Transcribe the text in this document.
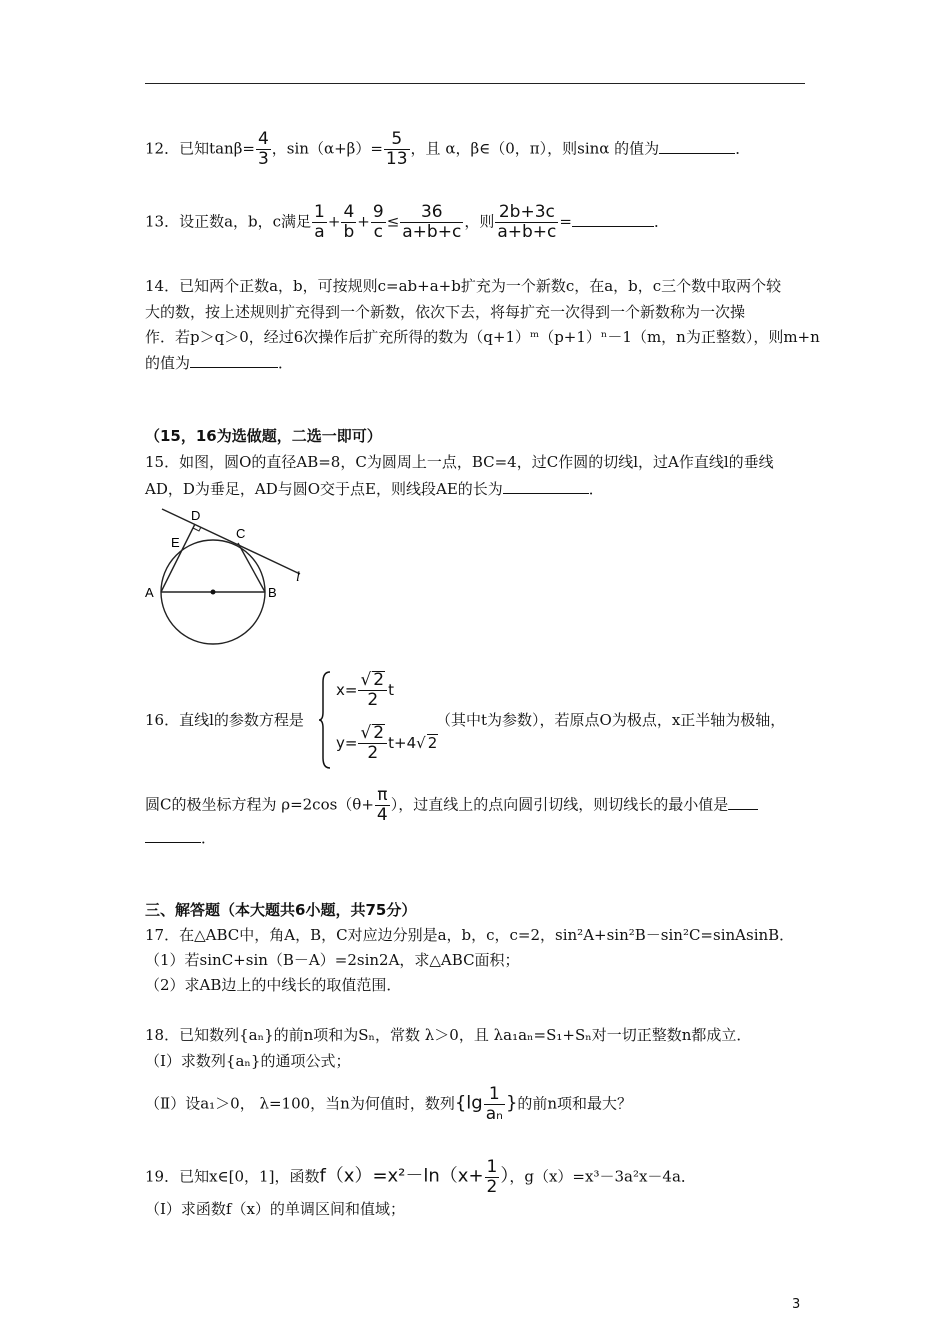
12．已知$\tan\beta= \frac{4}{3}$ ，$\sin(\alpha+\beta)= \frac{5}{13}$ ，且 α，β∈（0，π），则sinα 的值为	．
13．设正数a，b，c满足 $\frac{1}{a} + \frac{4}{b} + \frac{9}{c} \le \frac{36}{a+b+c}$ ，则 $\frac{2b+3c}{a+b+c}$ =	．
14．已知两个正数a，b，可按规则c=ab+a+b扩充为一个新数c，在a，b，c三个数中取两个较
大的数，按上述规则扩充得到一个新数，依次下去，将每扩充一次得到一个新数称为一次操
作．若p＞q＞0，经过6次操作后扩充所得的数为（q+1）ᵐ（p+1）ⁿ－1（m，n为正整数），则m+n
的值为	．
（15，16为选做题，二选一即可）
15．如图，圆O的直径AB=8，C为圆周上一点，BC=4，过C作圆的切线l，过A作直线l的垂线
AD，D为垂足，AD与圆O交于点E，则线段AE的长为	．
D
E
C
A	B
l
16．直线l的参数方程是
$x= \frac{√ 2}{2}$ t
$y= \frac{√ 2}{2} t+4√$ 2
（其中t为参数），若原点O为极点，x正半轴为极轴，
圆C的极坐标方程为 $\rho=2\cos(\theta+ \frac{\pi}{4}$ ），过直线上的点向圆引切线，则切线长的最小值是
．
三、解答题（本大题共6小题，共75分）
17．在△ABC中，角A，B，C对应边分别是a，b，c，c=2，sin²A+sin²B－sin²C=sinAsinB．
（1）若sinC+sin（B－A）=2sin2A，求△ABC面积；
（2）求AB边上的中线长的取值范围．
18．已知数列{aₙ}的前n项和为Sₙ，常数 λ＞0，且 λa₁aₙ=S₁+Sₙ对一切正整数n都成立．
（Ⅰ）求数列{aₙ}的通项公式；
（Ⅱ）设a₁＞0， λ=100，当n为何值时，数列{$\lg \frac{1}{\text{aₙ}}$ }的前n项和最大？
19．已知x∈[0，1]，函数$f(x)=x^2-\ln(x+ \frac{1}{2}$ ），g（x）=x³－3a²x－4a．
（Ⅰ）求函数f（x）的单调区间和值域；
3
